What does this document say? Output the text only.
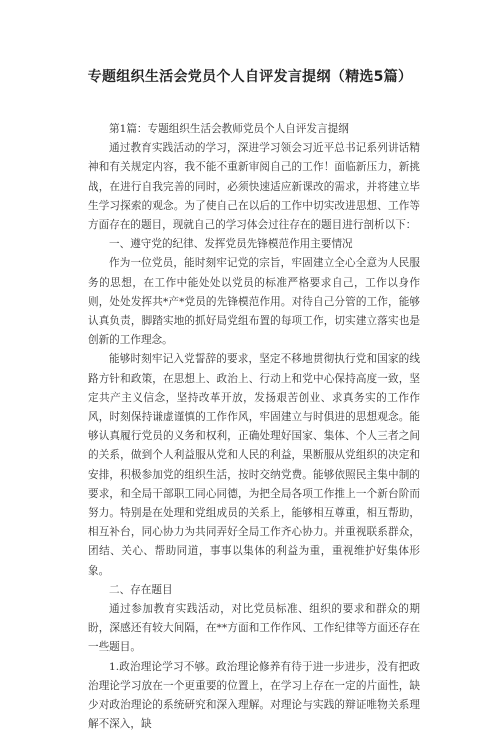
专题组织生活会党员个人自评发言提纲（精选5篇）

第1篇：专题组织生活会教师党员个人自评发言提纲

通过教育实践活动的学习，深进学习领会习近平总书记系列讲话精神和有关规定内容，我不能不重新审阅自己的工作！面临新压力，新挑战，在进行自我完善的同时，必须快速适应新课改的需求，并将建立毕生学习探索的观念。为了使自己在以后的工作中切实改进思想、工作等方面存在的题目，现就自己的学习体会过往存在的题目进行剖析以下：

一、遵守党的纪律、发挥党员先锋模范作用主要情况

作为一位党员，能时刻牢记党的宗旨，牢固建立全心全意为人民服务的思想，在工作中能处处以党员的标准严格要求自己，工作以身作则，处处发挥共*产*党员的先锋模范作用。对待自己分管的工作，能够认真负责，脚踏实地的抓好局党组布置的每项工作，切实建立落实也是创新的工作理念。

能够时刻牢记入党誓辞的要求，坚定不移地贯彻执行党和国家的线路方针和政策，在思想上、政治上、行动上和党中心保持高度一致，坚定共产主义信念，坚持改革开放，发扬艰苦创业、求真务实的工作作风，时刻保持谦虚谨慎的工作作风，牢固建立与时俱进的思想观念。能够认真履行党员的义务和权利，正确处理好国家、集体、个人三者之间的关系，做到个人利益服从党和人民的利益，果断服从党组织的决定和安排，积极参加党的组织生活，按时交纳党费。能够依照民主集中制的要求，和全局干部职工同心同德，为把全局各项工作推上一个新台阶而努力。特别是在处理和党组成员的关系上，能够相互尊重，相互帮助，相互补台，同心协力为共同弄好全局工作齐心协力。并重视联系群众，团结、关心、帮助同道，事事以集体的利益为重，重视维护好集体形象。

二、存在题目

通过参加教育实践活动，对比党员标准、组织的要求和群众的期盼，深感还有较大间隔，在**方面和工作作风、工作纪律等方面还存在一些题目。

1.政治理论学习不够。政治理论修养有待于进一步进步，没有把政治理论学习放在一个更重要的位置上，在学习上存在一定的片面性，缺少对政治理论的系统研究和深入理解。对理论与实践的辩证唯物关系理解不深入，缺
